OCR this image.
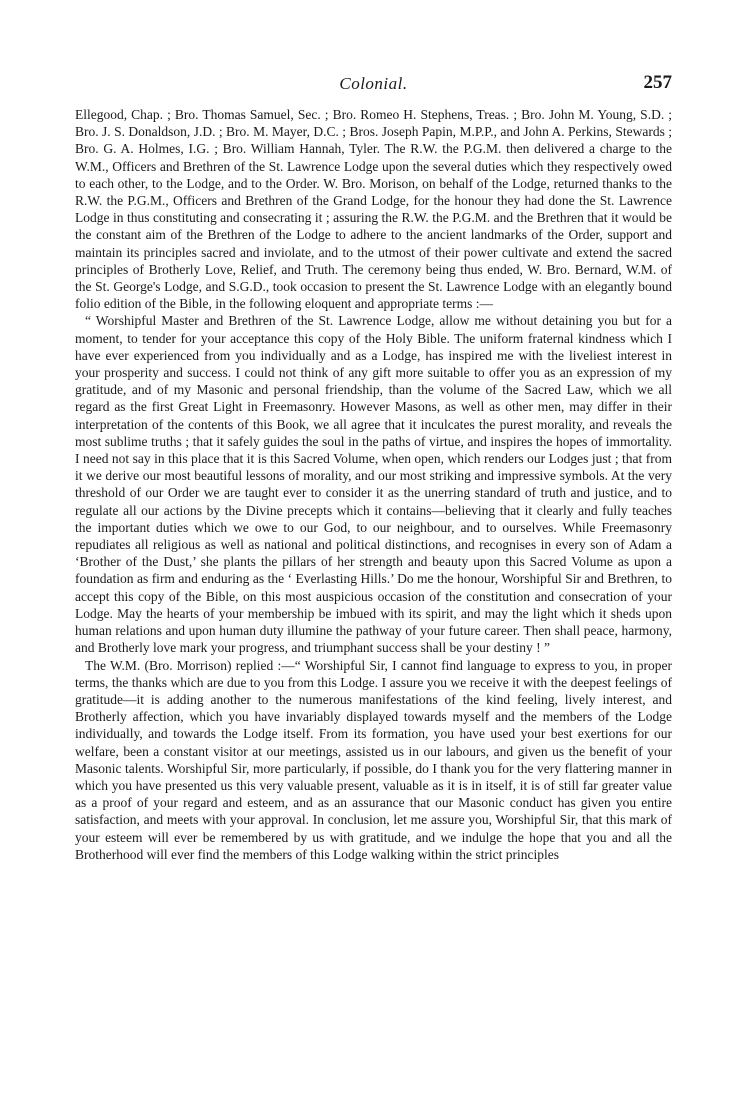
Colonial.	257

Ellegood, Chap. ; Bro. Thomas Samuel, Sec. ; Bro. Romeo H. Stephens, Treas. ; Bro. John M. Young, S.D. ; Bro. J. S. Donaldson, J.D. ; Bro. M. Mayer, D.C. ; Bros. Joseph Papin, M.P.P., and John A. Perkins, Stewards ; Bro. G. A. Holmes, I.G. ; Bro. William Hannah, Tyler. The R.W. the P.G.M. then delivered a charge to the W.M., Officers and Brethren of the St. Lawrence Lodge upon the several duties which they respectively owed to each other, to the Lodge, and to the Order. W. Bro. Morison, on behalf of the Lodge, returned thanks to the R.W. the P.G.M., Officers and Brethren of the Grand Lodge, for the honour they had done the St. Lawrence Lodge in thus constituting and consecrating it ; assuring the R.W. the P.G.M. and the Brethren that it would be the constant aim of the Brethren of the Lodge to adhere to the ancient landmarks of the Order, support and maintain its principles sacred and inviolate, and to the utmost of their power cultivate and extend the sacred principles of Brotherly Love, Relief, and Truth. The ceremony being thus ended, W. Bro. Bernard, W.M. of the St. George's Lodge, and S.G.D., took occasion to present the St. Lawrence Lodge with an elegantly bound folio edition of the Bible, in the following eloquent and appropriate terms :—

“ Worshipful Master and Brethren of the St. Lawrence Lodge, allow me without detaining you but for a moment, to tender for your acceptance this copy of the Holy Bible. The uniform fraternal kindness which I have ever experienced from you individually and as a Lodge, has inspired me with the liveliest interest in your prosperity and success. I could not think of any gift more suitable to offer you as an expression of my gratitude, and of my Masonic and personal friendship, than the volume of the Sacred Law, which we all regard as the first Great Light in Freemasonry. However Masons, as well as other men, may differ in their interpretation of the contents of this Book, we all agree that it inculcates the purest morality, and reveals the most sublime truths ; that it safely guides the soul in the paths of virtue, and inspires the hopes of immortality. I need not say in this place that it is this Sacred Volume, when open, which renders our Lodges just ; that from it we derive our most beautiful lessons of morality, and our most striking and impressive symbols. At the very threshold of our Order we are taught ever to consider it as the unerring standard of truth and justice, and to regulate all our actions by the Divine precepts which it contains—believing that it clearly and fully teaches the important duties which we owe to our God, to our neighbour, and to ourselves. While Freemasonry repudiates all religious as well as national and political distinctions, and recognises in every son of Adam a ‘Brother of the Dust,’ she plants the pillars of her strength and beauty upon this Sacred Volume as upon a foundation as firm and enduring as the ‘ Everlasting Hills.’ Do me the honour, Worshipful Sir and Brethren, to accept this copy of the Bible, on this most auspicious occasion of the constitution and consecration of your Lodge. May the hearts of your membership be imbued with its spirit, and may the light which it sheds upon human relations and upon human duty illumine the pathway of your future career. Then shall peace, harmony, and Brotherly love mark your progress, and triumphant success shall be your destiny ! ”

The W.M. (Bro. Morrison) replied :—“ Worshipful Sir, I cannot find language to express to you, in proper terms, the thanks which are due to you from this Lodge. I assure you we receive it with the deepest feelings of gratitude—it is adding another to the numerous manifestations of the kind feeling, lively interest, and Brotherly affection, which you have invariably displayed towards myself and the members of the Lodge individually, and towards the Lodge itself. From its formation, you have used your best exertions for our welfare, been a constant visitor at our meetings, assisted us in our labours, and given us the benefit of your Masonic talents. Worshipful Sir, more particularly, if possible, do I thank you for the very flattering manner in which you have presented us this very valuable present, valuable as it is in itself, it is of still far greater value as a proof of your regard and esteem, and as an assurance that our Masonic conduct has given you entire satisfaction, and meets with your approval. In conclusion, let me assure you, Worshipful Sir, that this mark of your esteem will ever be remembered by us with gratitude, and we indulge the hope that you and all the Brotherhood will ever find the members of this Lodge walking within the strict principles
